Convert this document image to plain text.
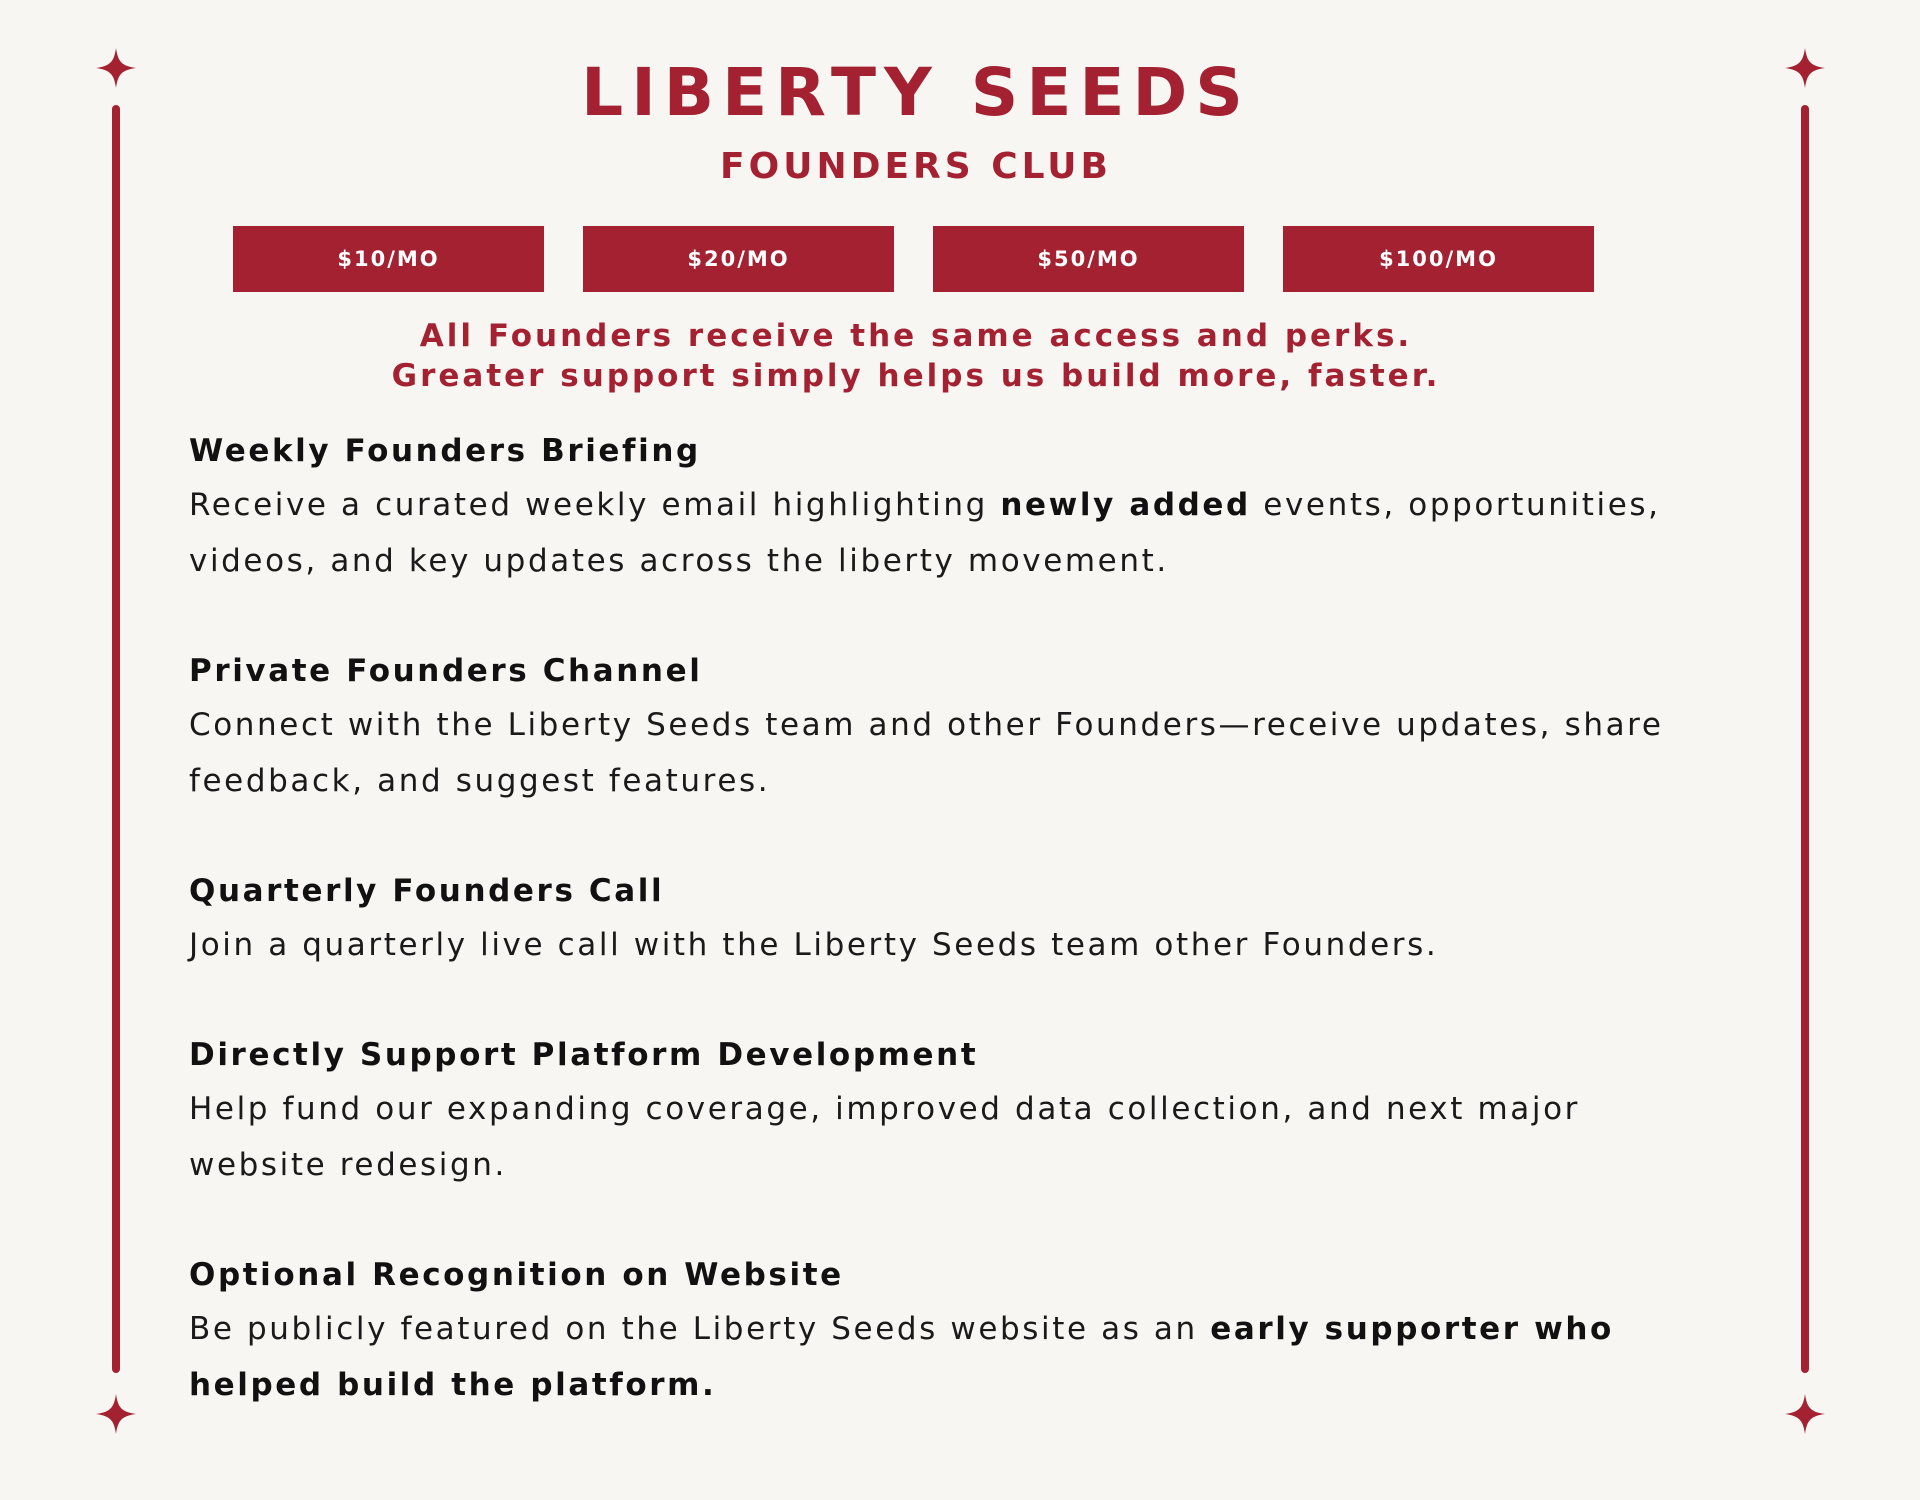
LIBERTY SEEDS
FOUNDERS CLUB
$10/MO	$20/MO	$50/MO	$100/MO

All Founders receive the same access and perks.

Greater support simply helps us build more, faster.

Weekly Founders Briefing

Receive a curated weekly email highlighting newly added events, opportunities,
videos, and key updates across the liberty movement.

Private Founders Channel

Connect with the Liberty Seeds team and other Founders—receive updates, share
feedback, and suggest features.

Quarterly Founders Call

Join a quarterly live call with the Liberty Seeds team other Founders.

Directly Support Platform Development

Help fund our expanding coverage, improved data collection, and next major
website redesign.

Optional Recognition on Website

Be publicly featured on the Liberty Seeds website as an early supporter who
helped build the platform.
